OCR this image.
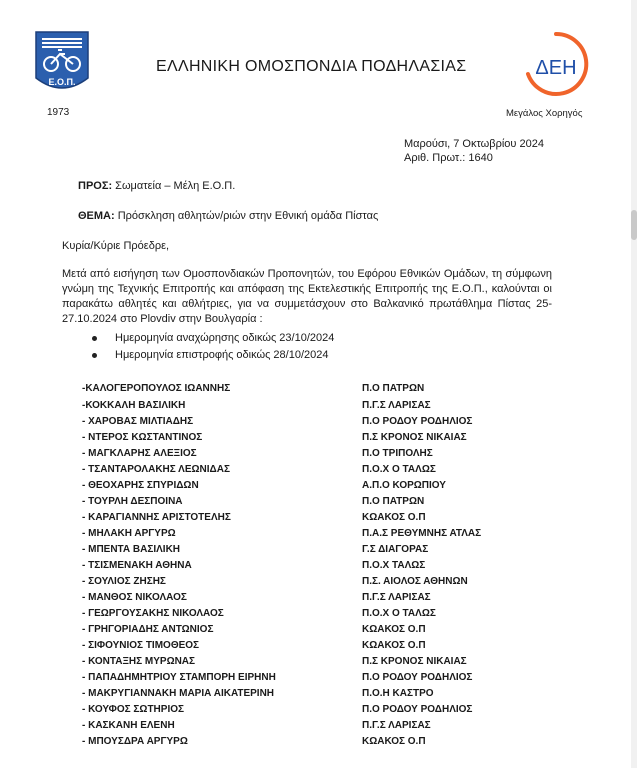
Ε.Ο.Π.
1973
ΕΛΛΗΝΙΚΗ ΟΜΟΣΠΟΝΔΙΑ ΠΟΔΗΛΑΣΙΑΣ	ΔΕΗ
Μεγάλος Χορηγός
Μαρούσι, 7 Οκτωβρίου 2024
Αριθ. Πρωτ.: 1640
ΠΡΟΣ: Σωματεία – Μέλη Ε.Ο.Π.
ΘΕΜΑ: Πρόσκληση αθλητών/ριών στην Εθνική ομάδα Πίστας
Κυρία/Κύριε Πρόεδρε,
Μετά από εισήγηση των Ομοσπονδιακών Προπονητών, του Εφόρου Εθνικών Ομάδων, τη σύμφωνη γνώμη της Τεχνικής Επιτροπής και απόφαση της Εκτελεστικής Επιτροπής της Ε.Ο.Π., καλούνται οι παρακάτω αθλητές και αθλήτριες, για να συμμετάσχουν στο Βαλκανικό πρωτάθλημα Πίστας 25-27.10.2024 στο Plovdiv στην Βουλγαρία :
Ημερομηνία αναχώρησης οδικώς 23/10/2024
Ημερομηνία επιστροφής οδικώς 28/10/2024
-ΚΑΛΟΓΕΡΟΠΟΥΛΟΣ ΙΩΑΝΝΗΣ	Π.Ο ΠΑΤΡΩΝ
-ΚΟΚΚΑΛΗ ΒΑΣΙΛΙΚΗ	Π.Γ.Σ ΛΑΡΙΣΑΣ
- ΧΑΡΟΒΑΣ ΜΙΛΤΙΑΔΗΣ	Π.Ο ΡΟΔΟΥ ΡΟΔΗΛΙΟΣ
- ΝΤΕΡΟΣ ΚΩΣΤΑΝΤΙΝΟΣ	Π.Σ ΚΡΟΝΟΣ ΝΙΚΑΙΑΣ
- ΜΑΓΚΛΑΡΗΣ ΑΛΕΞΙΟΣ	Π.Ο ΤΡΙΠΟΛΗΣ
- ΤΣΑΝΤΑΡΟΛΑΚΗΣ ΛΕΩΝΙΔΑΣ	Π.Ο.Χ Ο ΤΑΛΩΣ
- ΘΕΟΧΑΡΗΣ ΣΠΥΡΙΔΩΝ	Α.Π.Ο ΚΟΡΩΠΙΟΥ
- ΤΟΥΡΛΗ ΔΕΣΠΟΙΝΑ	Π.Ο ΠΑΤΡΩΝ
- ΚΑΡΑΓΙΑΝΝΗΣ ΑΡΙΣΤΟΤΕΛΗΣ	ΚΩΑΚΟΣ Ο.Π
- ΜΗΛΑΚΗ ΑΡΓΥΡΩ	Π.Α.Σ ΡΕΘΥΜΝΗΣ ΑΤΛΑΣ
- ΜΠΕΝΤΑ ΒΑΣΙΛΙΚΗ	Γ.Σ ΔΙΑΓΟΡΑΣ
- ΤΣΙΣΜΕΝΑΚΗ ΑΘΗΝΑ	Π.Ο.Χ ΤΑΛΩΣ
- ΣΟΥΛΙΟΣ ΖΗΣΗΣ	Π.Σ. ΑΙΟΛΟΣ ΑΘΗΝΩΝ
- ΜΑΝΘΟΣ ΝΙΚΟΛΑΟΣ	Π.Γ.Σ ΛΑΡΙΣΑΣ
- ΓΕΩΡΓΟΥΣΑΚΗΣ ΝΙΚΟΛΑΟΣ	Π.Ο.Χ Ο ΤΑΛΩΣ
- ΓΡΗΓΟΡΙΑΔΗΣ ΑΝΤΩΝΙΟΣ	ΚΩΑΚΟΣ Ο.Π
- ΣΙΦΟΥΝΙΟΣ ΤΙΜΟΘΕΟΣ	ΚΩΑΚΟΣ Ο.Π
- ΚΟΝΤΑΞΗΣ ΜΥΡΩΝΑΣ	Π.Σ ΚΡΟΝΟΣ ΝΙΚΑΙΑΣ
- ΠΑΠΑΔΗΜΗΤΡΙΟΥ ΣΤΑΜΠΟΡΗ ΕΙΡΗΝΗ	Π.Ο ΡΟΔΟΥ ΡΟΔΗΛΙΟΣ
- ΜΑΚΡΥΓΙΑΝΝΑΚΗ ΜΑΡΙΑ ΑΙΚΑΤΕΡΙΝΗ	Π.Ο.Η ΚΑΣΤΡΟ
- ΚΟΥΦΟΣ ΣΩΤΗΡΙΟΣ	Π.Ο ΡΟΔΟΥ ΡΟΔΗΛΙΟΣ
- ΚΑΣΚΑΝΗ ΕΛΕΝΗ	Π.Γ.Σ ΛΑΡΙΣΑΣ
- ΜΠΟΥΣΔΡΑ ΑΡΓΥΡΩ	ΚΩΑΚΟΣ Ο.Π
